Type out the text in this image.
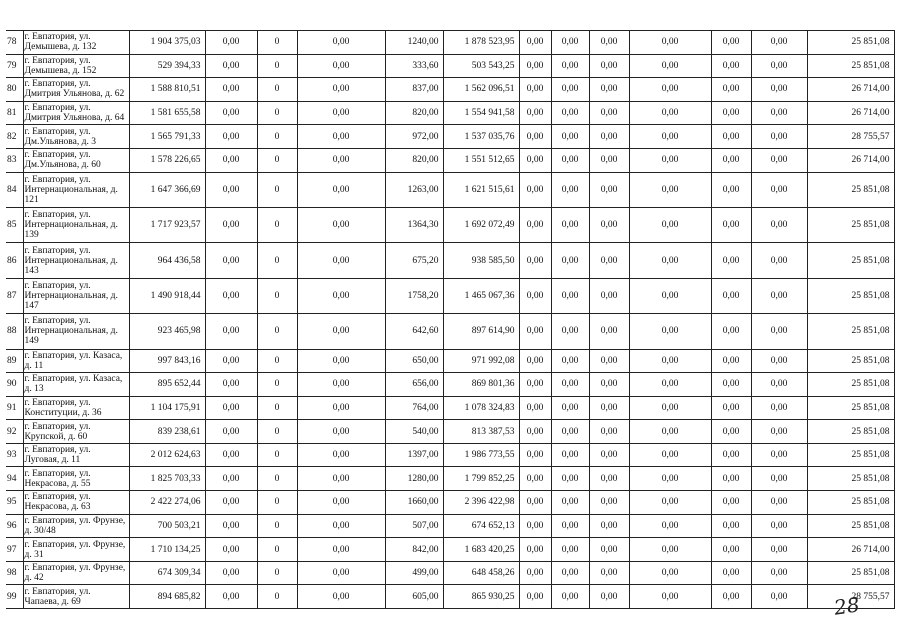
78	г. Евпатория, ул. Демышева, д. 132	1 904 375,03	0,00	0	0,00	1240,00	1 878 523,95	0,00	0,00	0,00	0,00	0,00	0,00	25 851,08
79	г. Евпатория, ул. Демышева, д. 152	529 394,33	0,00	0	0,00	333,60	503 543,25	0,00	0,00	0,00	0,00	0,00	0,00	25 851,08
80	г. Евпатория, ул. Дмитрия Ульянова, д. 62	1 588 810,51	0,00	0	0,00	837,00	1 562 096,51	0,00	0,00	0,00	0,00	0,00	0,00	26 714,00
81	г. Евпатория, ул. Дмитрия Ульянова, д. 64	1 581 655,58	0,00	0	0,00	820,00	1 554 941,58	0,00	0,00	0,00	0,00	0,00	0,00	26 714,00
82	г. Евпатория, ул. Дм.Ульянова, д. 3	1 565 791,33	0,00	0	0,00	972,00	1 537 035,76	0,00	0,00	0,00	0,00	0,00	0,00	28 755,57
83	г. Евпатория, ул. Дм.Ульянова, д. 60	1 578 226,65	0,00	0	0,00	820,00	1 551 512,65	0,00	0,00	0,00	0,00	0,00	0,00	26 714,00
84	г. Евпатория, ул. Интернациональная, д. 121	1 647 366,69	0,00	0	0,00	1263,00	1 621 515,61	0,00	0,00	0,00	0,00	0,00	0,00	25 851,08
85	г. Евпатория, ул. Интернациональная, д. 139	1 717 923,57	0,00	0	0,00	1364,30	1 692 072,49	0,00	0,00	0,00	0,00	0,00	0,00	25 851,08
86	г. Евпатория, ул. Интернациональная, д. 143	964 436,58	0,00	0	0,00	675,20	938 585,50	0,00	0,00	0,00	0,00	0,00	0,00	25 851,08
87	г. Евпатория, ул. Интернациональная, д. 147	1 490 918,44	0,00	0	0,00	1758,20	1 465 067,36	0,00	0,00	0,00	0,00	0,00	0,00	25 851,08
88	г. Евпатория, ул. Интернациональная, д. 149	923 465,98	0,00	0	0,00	642,60	897 614,90	0,00	0,00	0,00	0,00	0,00	0,00	25 851,08
89	г. Евпатория, ул. Казаса, д. 11	997 843,16	0,00	0	0,00	650,00	971 992,08	0,00	0,00	0,00	0,00	0,00	0,00	25 851,08
90	г. Евпатория, ул. Казаса, д. 13	895 652,44	0,00	0	0,00	656,00	869 801,36	0,00	0,00	0,00	0,00	0,00	0,00	25 851,08
91	г. Евпатория, ул. Конституции, д. 36	1 104 175,91	0,00	0	0,00	764,00	1 078 324,83	0,00	0,00	0,00	0,00	0,00	0,00	25 851,08
92	г. Евпатория, ул. Крупской, д. 60	839 238,61	0,00	0	0,00	540,00	813 387,53	0,00	0,00	0,00	0,00	0,00	0,00	25 851,08
93	г. Евпатория, ул. Луговая, д. 11	2 012 624,63	0,00	0	0,00	1397,00	1 986 773,55	0,00	0,00	0,00	0,00	0,00	0,00	25 851,08
94	г. Евпатория, ул. Некрасова, д. 55	1 825 703,33	0,00	0	0,00	1280,00	1 799 852,25	0,00	0,00	0,00	0,00	0,00	0,00	25 851,08
95	г. Евпатория, ул. Некрасова, д. 63	2 422 274,06	0,00	0	0,00	1660,00	2 396 422,98	0,00	0,00	0,00	0,00	0,00	0,00	25 851,08
96	г. Евпатория, ул. Фрунзе, д. 30/48	700 503,21	0,00	0	0,00	507,00	674 652,13	0,00	0,00	0,00	0,00	0,00	0,00	25 851,08
97	г. Евпатория, ул. Фрунзе, д. 31	1 710 134,25	0,00	0	0,00	842,00	1 683 420,25	0,00	0,00	0,00	0,00	0,00	0,00	26 714,00
98	г. Евпатория, ул. Фрунзе, д. 42	674 309,34	0,00	0	0,00	499,00	648 458,26	0,00	0,00	0,00	0,00	0,00	0,00	25 851,08
99	г. Евпатория, ул. Чапаева, д. 69	894 685,82	0,00	0	0,00	605,00	865 930,25	0,00	0,00	0,00	0,00	0,00	0,00	28 755,57
28
